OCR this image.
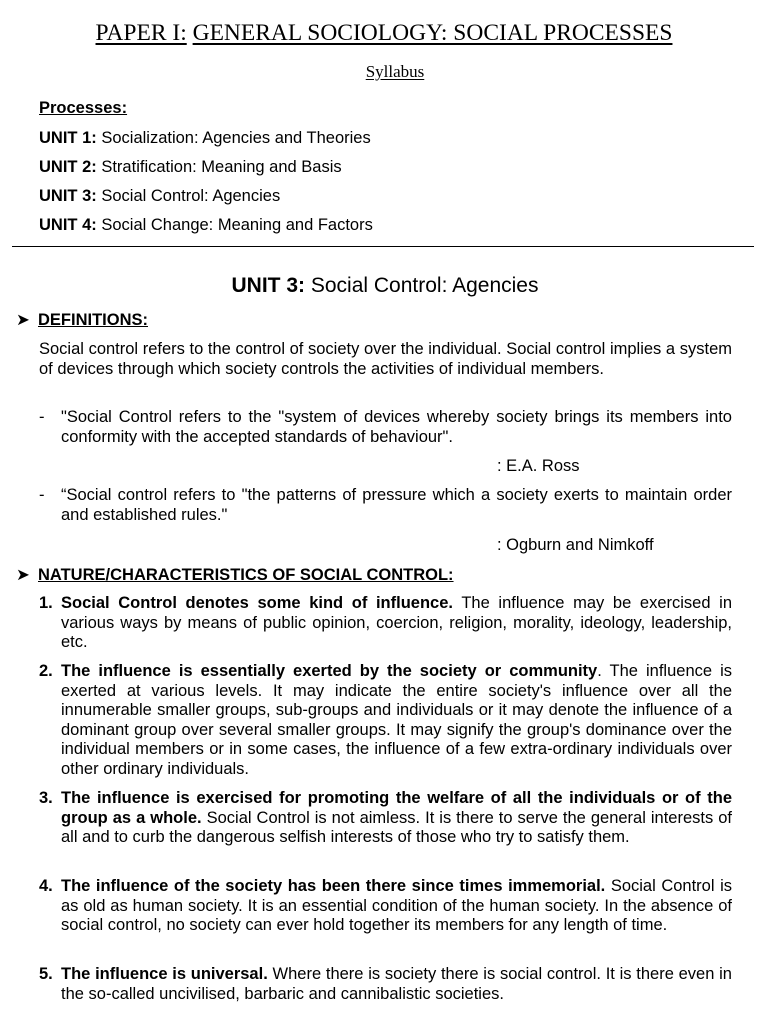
PAPER I: GENERAL SOCIOLOGY: SOCIAL PROCESSES
Syllabus
Processes:
UNIT 1: Socialization: Agencies and Theories
UNIT 2: Stratification: Meaning and Basis
UNIT 3: Social Control: Agencies
UNIT 4: Social Change: Meaning and Factors
UNIT 3: Social Control: Agencies
➤ DEFINITIONS:
Social control refers to the control of society over the individual. Social control implies a system of devices through which society controls the activities of individual members.
- "Social Control refers to the "system of devices whereby society brings its members into conformity with the accepted standards of behaviour".
: E.A. Ross
- “Social control refers to "the patterns of pressure which a society exerts to maintain order and established rules."
: Ogburn and Nimkoff
➤ NATURE/CHARACTERISTICS OF SOCIAL CONTROL:
1. Social Control denotes some kind of influence. The influence may be exercised in various ways by means of public opinion, coercion, religion, morality, ideology, leadership, etc.
2. The influence is essentially exerted by the society or community. The influence is exerted at various levels. It may indicate the entire society's influence over all the innumerable smaller groups, sub-groups and individuals or it may denote the influence of a dominant group over several smaller groups. It may signify the group's dominance over the individual members or in some cases, the influence of a few extra-ordinary individuals over other ordinary individuals.
3. The influence is exercised for promoting the welfare of all the individuals or of the group as a whole. Social Control is not aimless. It is there to serve the general interests of all and to curb the dangerous selfish interests of those who try to satisfy them.
4. The influence of the society has been there since times immemorial. Social Control is as old as human society. It is an essential condition of the human society. In the absence of social control, no society can ever hold together its members for any length of time.
5. The influence is universal. Where there is society there is social control. It is there even in the so-called uncivilised, barbaric and cannibalistic societies.
